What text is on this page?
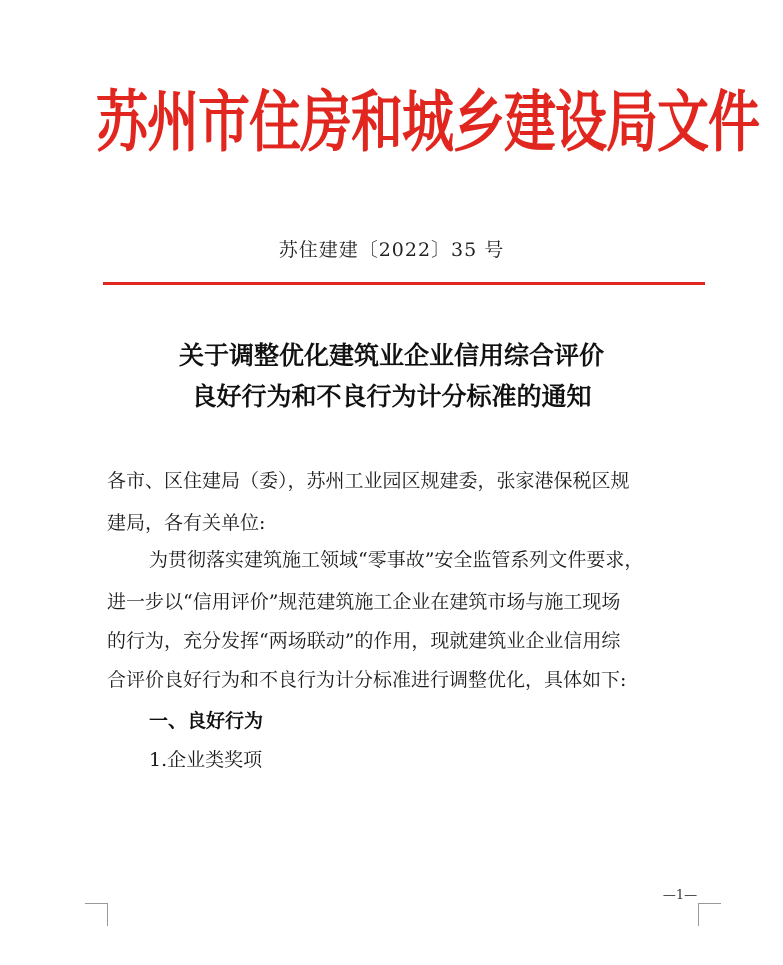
苏州市住房和城乡建设局文件
苏住建建〔2022〕35 号
关于调整优化建筑业企业信用综合评价
良好行为和不良行为计分标准的通知
各市、区住建局（委），苏州工业园区规建委，张家港保税区规
建局，各有关单位:
为贯彻落实建筑施工领域“零事故”安全监管系列文件要求，
进一步以“信用评价”规范建筑施工企业在建筑市场与施工现场
的行为，充分发挥“两场联动”的作用，现就建筑业企业信用综
合评价良好行为和不良行为计分标准进行调整优化，具体如下:
一、良好行为
1.企业类奖项
—1—
